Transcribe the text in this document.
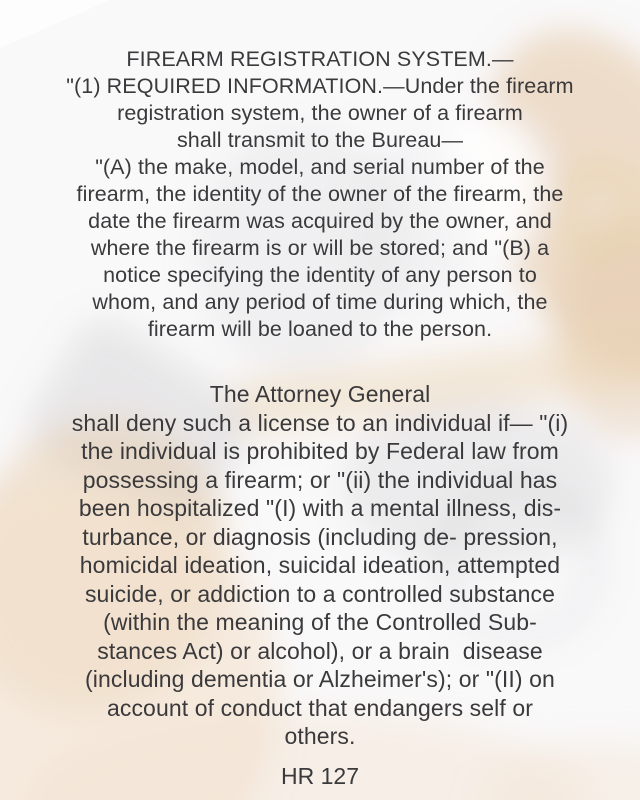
FIREARM REGISTRATION SYSTEM.—
"(1) REQUIRED INFORMATION.—Under the firearm
registration system, the owner of a firearm
shall transmit to the Bureau—
"(A) the make, model, and serial number of the
firearm, the identity of the owner of the firearm, the
date the firearm was acquired by the owner, and
where the firearm is or will be stored; and "(B) a
notice specifying the identity of any person to
whom, and any period of time during which, the
firearm will be loaned to the person.
The Attorney General
shall deny such a license to an individual if— "(i)
the individual is prohibited by Federal law from
possessing a firearm; or "(ii) the individual has
been hospitalized "(I) with a mental illness, dis-
turbance, or diagnosis (including de- pression,
homicidal ideation, suicidal ideation, attempted
suicide, or addiction to a controlled substance
(within the meaning of the Controlled Sub-
stances Act) or alcohol), or a brain  disease
(including dementia or Alzheimer's); or "(II) on
account of conduct that endangers self or
others.
HR 127
